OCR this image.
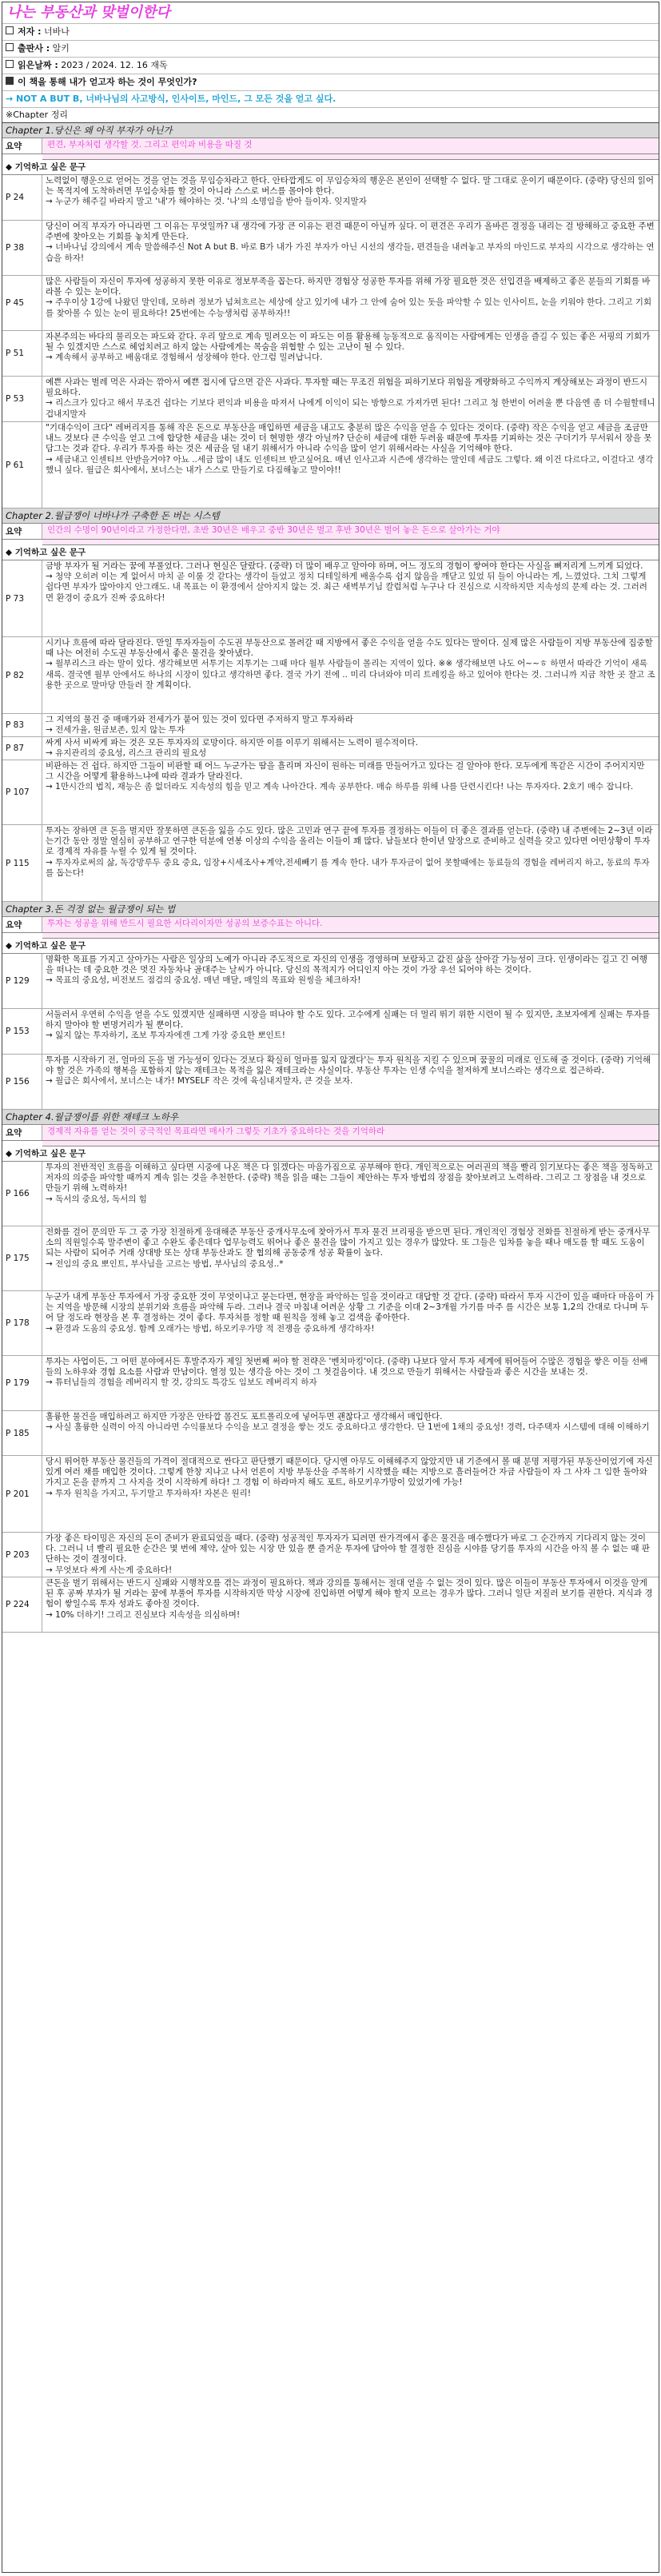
나는 부동산과 맞벌이한다
저자 : 너바나
출판사 : 알키
읽은날짜 : 2023 / 2024. 12. 16 재독
이 책을 통해 내가 얻고자 하는 것이 무엇인가?
→ NOT A BUT B, 너바나님의 사고방식, 인사이트, 마인드, 그 모든 것을 얻고 싶다.
※Chapter 정리
Chapter 1.당신은 왜 아직 부자가 아닌가
요약	편견, 부자처럼 생각할 것. 그리고 편익과 비용을 따질 것
◆ 기억하고 싶은 문구
P 24
노력없이 행운으로 얻어는 것을 얻는 것을 무임승차라고 한다. 안타깝게도 이 무임승차의 행운은 본인이 선택할 수 없다. 말 그대로 운이기 때문이다. (중략) 당신의 읽어는 목적지에 도착하려면 무임승차를 할 것이 아니라 스스로 버스를 몰아야 한다.
→ 누군가 해주길 바라지 말고 '내'가 해야하는 것. '나'의 소명임을 받아 들이자. 잊지말자
P 38
당신이 여직 부자가 아니라면 그 이유는 무엇일까? 내 생각에 가장 큰 이유는 편견 때문이 아닐까 싶다. 이 편견은 우리가 올바른 결정을 내리는 걸 방해하고 중요한 주변 주변에 찾아오는 기회를 놓치게 만든다.
→ 너바나님 강의에서 계속 말씀해주신 Not A but B. 바로 B가 내가 가진 부자가 아닌 시선의 생각들, 편견들을 내려놓고 부자의 마인드로 부자의 시각으로 생각하는 연습을 하자!
P 45
많은 사람들이 자신이 투자에 성공하지 못한 이유로 정보부족을 꼽는다. 하지만 경험상 성공한 투자를 위해 가장 필요한 것은 선입견을 배제하고 좋은 분들의 기회를 바라볼 수 있는 눈이다.
→ 주우이상 1강에 나왔던 말인데, 모하려 정보가 넘쳐흐르는 세상에 살고 있기에 내가 그 안에 숨어 있는 돗을 파악할 수 있는 인사이트, 눈을 키워야 한다. 그리고 기회를 찾아볼 수 있는 눈이 필요하다! 25번에는 수능생처럼 공부하자!!
P 51
자본주의는 바다의 물리오는 파도와 같다. 우리 앞으로 계속 밀려오는 이 파도는 이를 활용해 능동적으로 움직이는 사람에게는 인생을 즐길 수 있는 좋은 서핑의 기회가 될 수 있겠지만 스스로 헤엄치려고 하지 않는 사람에게는 목숨을 위협할 수 있는 고난이 될 수 있다.
→ 계속해서 공부하고 배움대로 경험해서 성장해야 한다. 안그럼 밀려납니다.
P 53
예쁜 사과는 벌레 먹은 사과는 깎아서 예쁜 접시에 담으면 같은 사과다. 투자할 때는 무조건 위험을 피하기보다 위험을 계량화하고 수익까지 계상해보는 과정이 반드시 필요하다.
→ 리스크가 있다고 해서 무조건 쉽다는 기보다 편익과 비용을 따져서 나에게 이익이 되는 방향으로 가져가면 된다! 그리고 청 한번이 어려울 뿐 다음엔 좀 더 수월할테니 겁내지말자
P 61
"기대수익이 크다" 레버리지를 통해 작은 돈으로 부동산을 매입하면 세금을 내고도 충분히 많은 수익을 얻을 수 있다는 것이다. (중략) 작은 수익을 얻고 세금을 조금만 내느 것보다 큰 수익을 얻고 그에 합당한 세금을 내는 것이 더 현명한 생각 아닐까? 단순히 세금에 대한 두려움 때문에 투자를 기피하는 것은 구더기가 무서워서 장을 못 담그는 것과 같다. 우리가 투자를 하는 것은 세금을 덜 내기 위해서가 아니라 수익을 많이 얻기 위해서라는 사실을 기억해야 한다.
→ 세금내고 인센티브 안받을거야? 아뇨 ..세금 많이 내도 인센티브 받고싶어요. 매년 인사고과 시즌에 생각하는 말인데 세금도 그렇다. 왜 이건 다르다고, 이걸다고 생각했니 싶다. 월급은 회사에서, 보너스는 내가 스스로 만들기로 다짐해놓고 말이야!!
Chapter 2.월급쟁이 너바나가 구축한 돈 버는 시스템
요약	인간의 수명이 90년이라고 가정한다면, 초반 30년은 배우고 중반 30년은 벌고 후반 30년은 벌어 놓은 돈으로 살아가는 거야
◆ 기억하고 싶은 문구
P 73
금방 부자가 될 거라는 꿈에 부풀었다. 그러나 현실은 달랐다. (중략) 더 많이 배우고 알아야 하며, 어느 정도의 경험이 쌓여야 한다는 사실을 뼈저리게 느끼게 되었다.
→ 청약 오히려 이는 게 없어서 마치 곧 이룰 것 같다는 생각이 들었고 정치 디테일하게 배울수록 쉽지 않음을 깨닫고 있었 뒤 들이 아니라는 게, 느꼈었다. 그치 그렇게 쉽다면 부자가 많아야지 안그래도. 내 목표는 이 환경에서 살아지지 않는 것. 최근 새벽부기님 칼럼처럼 누구나 다 진심으로 시작하지만 지속성의 문제 라는 것. 그러려면 환경이 중요가 진짜 중요하다!
P 82
시기나 흐름에 따라 달라진다. 만일 투자자들이 수도권 부동산으로 몰려갈 때 지방에서 좋은 수익을 얻을 수도 있다는 말이다. 실제 많은 사람들이 지방 부동산에 집중할 때 나는 여전히 수도권 부동산에서 좋은 물건을 찾아냈다.
→ 월부리스크 라는 말이 있다. 생각해보면 서투기는 지투기는 그때 마다 월부 사람들이 몰리는 지역이 있다. ※※ 생각해보면 나도 어~~ㅎ 하면서 따라간 기억이 새록새록. 결국엔 월부 안에서도 하나의 시장이 있다고 생각하면 좋다. 결국 가기 전에 .. 미리 다녀와야 미리 트레킹을 하고 있어야 한다는 것. 그러니까 지금 착한 곳 잘고 조용한 곳으로 말마당 만들러 잘 계획이다.
P 83
그 지역의 물건 중 매매가와 전세가가 붙어 있는 것이 있다면 주저하지 말고 투자하라
→ 전세가율, 원금보존, 있지 않는 투자
P 87
싸게 사서 비싸게 파는 것은 모든 투자자의 로망이다. 하지만 이를 이루기 위해서는 노력이 필수적이다.
→ 유지관리의 중요성, 리스크 관리의 필요성
P 107
비판하는 건 쉽다. 하지만 그들이 비판할 때 어느 누군가는 땀을 흘리며 자신이 원하는 미래를 만들어가고 있다는 걸 알아야 한다. 모두에게 똑같은 시간이 주어지지만 그 시간을 어떻게 활용하느냐에 따라 결과가 달라진다.
→ 1만시간의 법칙, 재능은 좀 없더라도 지속성의 힘을 믿고 계속 나아간다. 계속 공부한다. 매슈 하루를 위해 나를 단련시킨다! 나는 투자자다. 2호기 매수 잡니다.
P 115
투자는 장하면 큰 돈을 벌지만 잘못하면 큰돈을 잃을 수도 있다. 많은 고민과 연구 끝에 투자를 결정하는 이들이 더 좋은 결과를 얻는다. (중략) 내 주변에는 2~3년 이라는기간 동안 정말 열심히 공부하고 연구한 덕분에 연봉 이상의 수익을 올리는 이들이 꽤 많다. 남들보다 한이년 앞장으로 준비하고 실력을 갖고 있다면 어떤상황이 투자로 경제적 자유를 누릴 수 있게 될 것이다.
→ 투자자로써의 삶, 독강망루두 중요 중요, 임장+시세조사+계약,전세빼기 를 계속 한다. 내가 투자금이 없어 못할때에는 동료들의 경험을 레버리지 하고, 동료의 투자를 돕는다!
Chapter 3.돈 걱정 없는 월급쟁이 되는 법
요약	투자는 성공을 위해 반드시 필요한 서다리이자만 성공의 보증수표는 아니다.
◆ 기억하고 싶은 문구
P 129
명확한 목표를 가지고 살아가는 사람은 일상의 노예가 아니라 주도적으로 자신의 인생을 경영하며 보람차고 값진 삶을 살아갈 가능성이 크다. 인생이라는 길고 긴 여행을 떠나는 데 중요한 것은 멋진 자동차나 골대주는 날씨가 아니다. 당신의 목적지가 어디인지 아는 것이 가장 우선 되어야 하는 것이다.
→ 목표의 중요성, 비전보드 점검의 중요성. 매년 매달, 매일의 목표와 원씽을 체크하자!
P 153
서둘러서 우연히 수익을 얻을 수도 있겠지만 실패하면 시장을 떠나야 할 수도 있다. 고수에게 실패는 더 멀리 뛰기 위한 시련이 될 수 있지만, 초보자에게 실패는 투자를 하지 말아야 할 변명거리가 될 뿐이다.
→ 잃지 않는 투자하기, 조보 투자자에겐 그게 가장 중요한 뽀인트!
P 156
투자를 시작하기 전, 얼마의 돈을 벌 가능성이 있다는 것보다 확실히 얼마를 잃지 않겠다'는 투자 원칙을 지킬 수 있으며 꿈꿀의 미래로 인도해 줄 것이다. (중략) 기억해야 할 것은 가족의 행복을 포함하지 않는 재테크는 목적을 잃은 재테크라는 사실이다. 부동산 투자는 인생 수익을 철저하게 보너스라는 생각으로 접근하라.
→ 월급은 회사에서, 보너스는 내가! MYSELF 작은 것에 육심내지말자, 큰 것을 보자.
Chapter 4.월급쟁이를 위한 재테크 노하우
요약	경제적 자유를 얻는 것이 궁극적인 목표라면 매사가 그렇듯 기초가 중요하다는 것을 기억하라
◆ 기억하고 싶은 문구
P 166
투자의 전반적인 흐름을 이해하고 싶다면 시중에 나온 책은 다 읽겠다는 마음가짐으로 공부해야 한다. 개인적으로는 여러권의 책을 빨리 읽기보다는 좋은 책을 정독하고 저자의 의중을 파악할 때까지 계속 읽는 것을 추천한다. (중략) 책을 읽을 때는 그들이 제안하는 투자 방법의 장점을 찾아보려고 노력하라. 그리고 그 장점을 내 것으로 만들기 위해 노력하자!
→ 독서의 중요성, 독서의 힘
P 175
전화를 걸어 문의만 두 그 중 가장 친절하게 응대해준 부동산 중개사무소에 찾아가서 투자 물건 브리핑을 받으면 된다. 개인적인 경험상 전화를 친절하게 받는 중개사무소의 직원일수록 말주변이 좋고 수완도 좋은데다 업무능력도 뛰어나 좋은 물건을 많이 가지고 있는 경우가 많았다. 또 그들은 임차를 놓을 때나 매도를 할 때도 도움이 되는 사람이 되어주 거래 상대방 또는 상대 부동산과도 잘 협의해 공동중개 성공 확률이 높다.
→ 전임의 중요 뽀인트, 부사님을 고르는 방법, 부사님의 중요성..*
P 178
누군가 내게 부동산 투자에서 가장 중요한 것이 무엇이냐고 묻는다면, 현장을 파악하는 일을 것이라고 대답할 것 같다. (중략) 따라서 투자 시간이 있을 때마다 마음이 가는 지역을 방문해 시장의 분위기와 흐름을 파악해 두라. 그러나 결국 마침내 어려운 상황 그 기준을 이대 2~3개월 가기를 마주 를 시간은 보통 1,2의 간대로 다니며 두어 달 정도라 현장을 본 후 결정하는 것이 좋다. 투자처를 정할 때 원칙을 정해 놓고 검색을 좋아한다.
→ 환경과 도움의 중요성. 함께 오래가는 방법, 하모키우가망 적 전쟁을 중요하게 생각하자!
P 179
투자는 사업이든, 그 어떤 분야에서든 후발주자가 제일 첫번째 써야 할 전략은 '벤치마킹'이다. (중략) 나보다 앞서 투자 세계에 뛰어들어 수많은 경험을 쌓은 이들 선배들의 노하우와 경험 요소를 사람과 만남이다. 열정 있는 생각을 아는 것이 그 첫걸음이다. 내 것으로 만들기 위해서는 사람들과 좋은 시간을 보내는 것.
→ 튜터님들의 경험을 레버리지 할 것, 강의도 특강도 임보도 레버리지 하자
P 185
훌륭한 물건을 매입하려고 하지만 가장은 안타깝 몸건도 포트폴리오에 넣어두면 괜찮다고 생각해서 매입한다.
→ 사실 훌륭한 실력이 아직 아니라면 수익률보다 수익을 보고 결정을 쌓는 것도 중요하다고 생각한다. 단 1번에 1채의 중요성! 경력, 다주택자 시스템에 대해 이해하기
P 201
당시 뛰어한 부동산 물건들의 가격이 절대적으로 싼다고 판단했기 때문이다. 당시엔 아무도 이해해주지 않았지만 내 기준에서 볼 때 분명 저평가된 부동산이었기에 자신 있게 여러 채를 매입한 것이다. 그렇게 한창 지나고 나서 언론이 지방 부동산을 주목하기 시작했을 때는 지방으로 흘러들어간 자금 사람들이 자 그 사자 그 임한 돌아와가지고 돈을 끝까지 그 사지을 것이 시작하게 하다! 그 경험 이 하라마지 해도 포트, 하모키우가망이 있었기에 가능!
→ 투자 원칙을 가지고, 두기말고 투자하자! 자본은 원리!
P 203
가장 좋은 타이밍은 자신의 돈이 준비가 완료되었을 때다. (중략) 성공적인 투자자가 되려면 싼가격에서 좋은 물건을 매수했다가 바로 그 순간까지 기다리지 않는 것이다. 그러니 너 빨리 필요한 순간은 몇 번에 제약, 살아 있는 시장 만 있을 뿐 즐거운 투자에 담아야 할 결정한 진심을 시야를 당기를 투자의 시간을 아직 볼 수 없는 때 판단하는 것이 결정이다.
→ 무엇보다 싸게 사는게 중요하다!
P 224
큰돈을 벌기 위해서는 반드시 실패와 시행착오를 겪는 과정이 필요하다. 책과 강의를 통해서는 절대 얻을 수 없는 것이 있다. 많은 이들이 부동산 투자에서 이것을 알게 된 후 공짜 부자가 될 거라는 꿈에 부풀어 투자를 시작하지만 막상 시장에 진입하면 어떻게 해야 할지 모르는 경우가 많다. 그러니 일단 저질러 보기를 권한다. 지식과 경험이 쌓일수록 투자 성과도 좋아질 것이다.
→ 10% 더하기! 그리고 진심보다 지속성을 의심하며!
